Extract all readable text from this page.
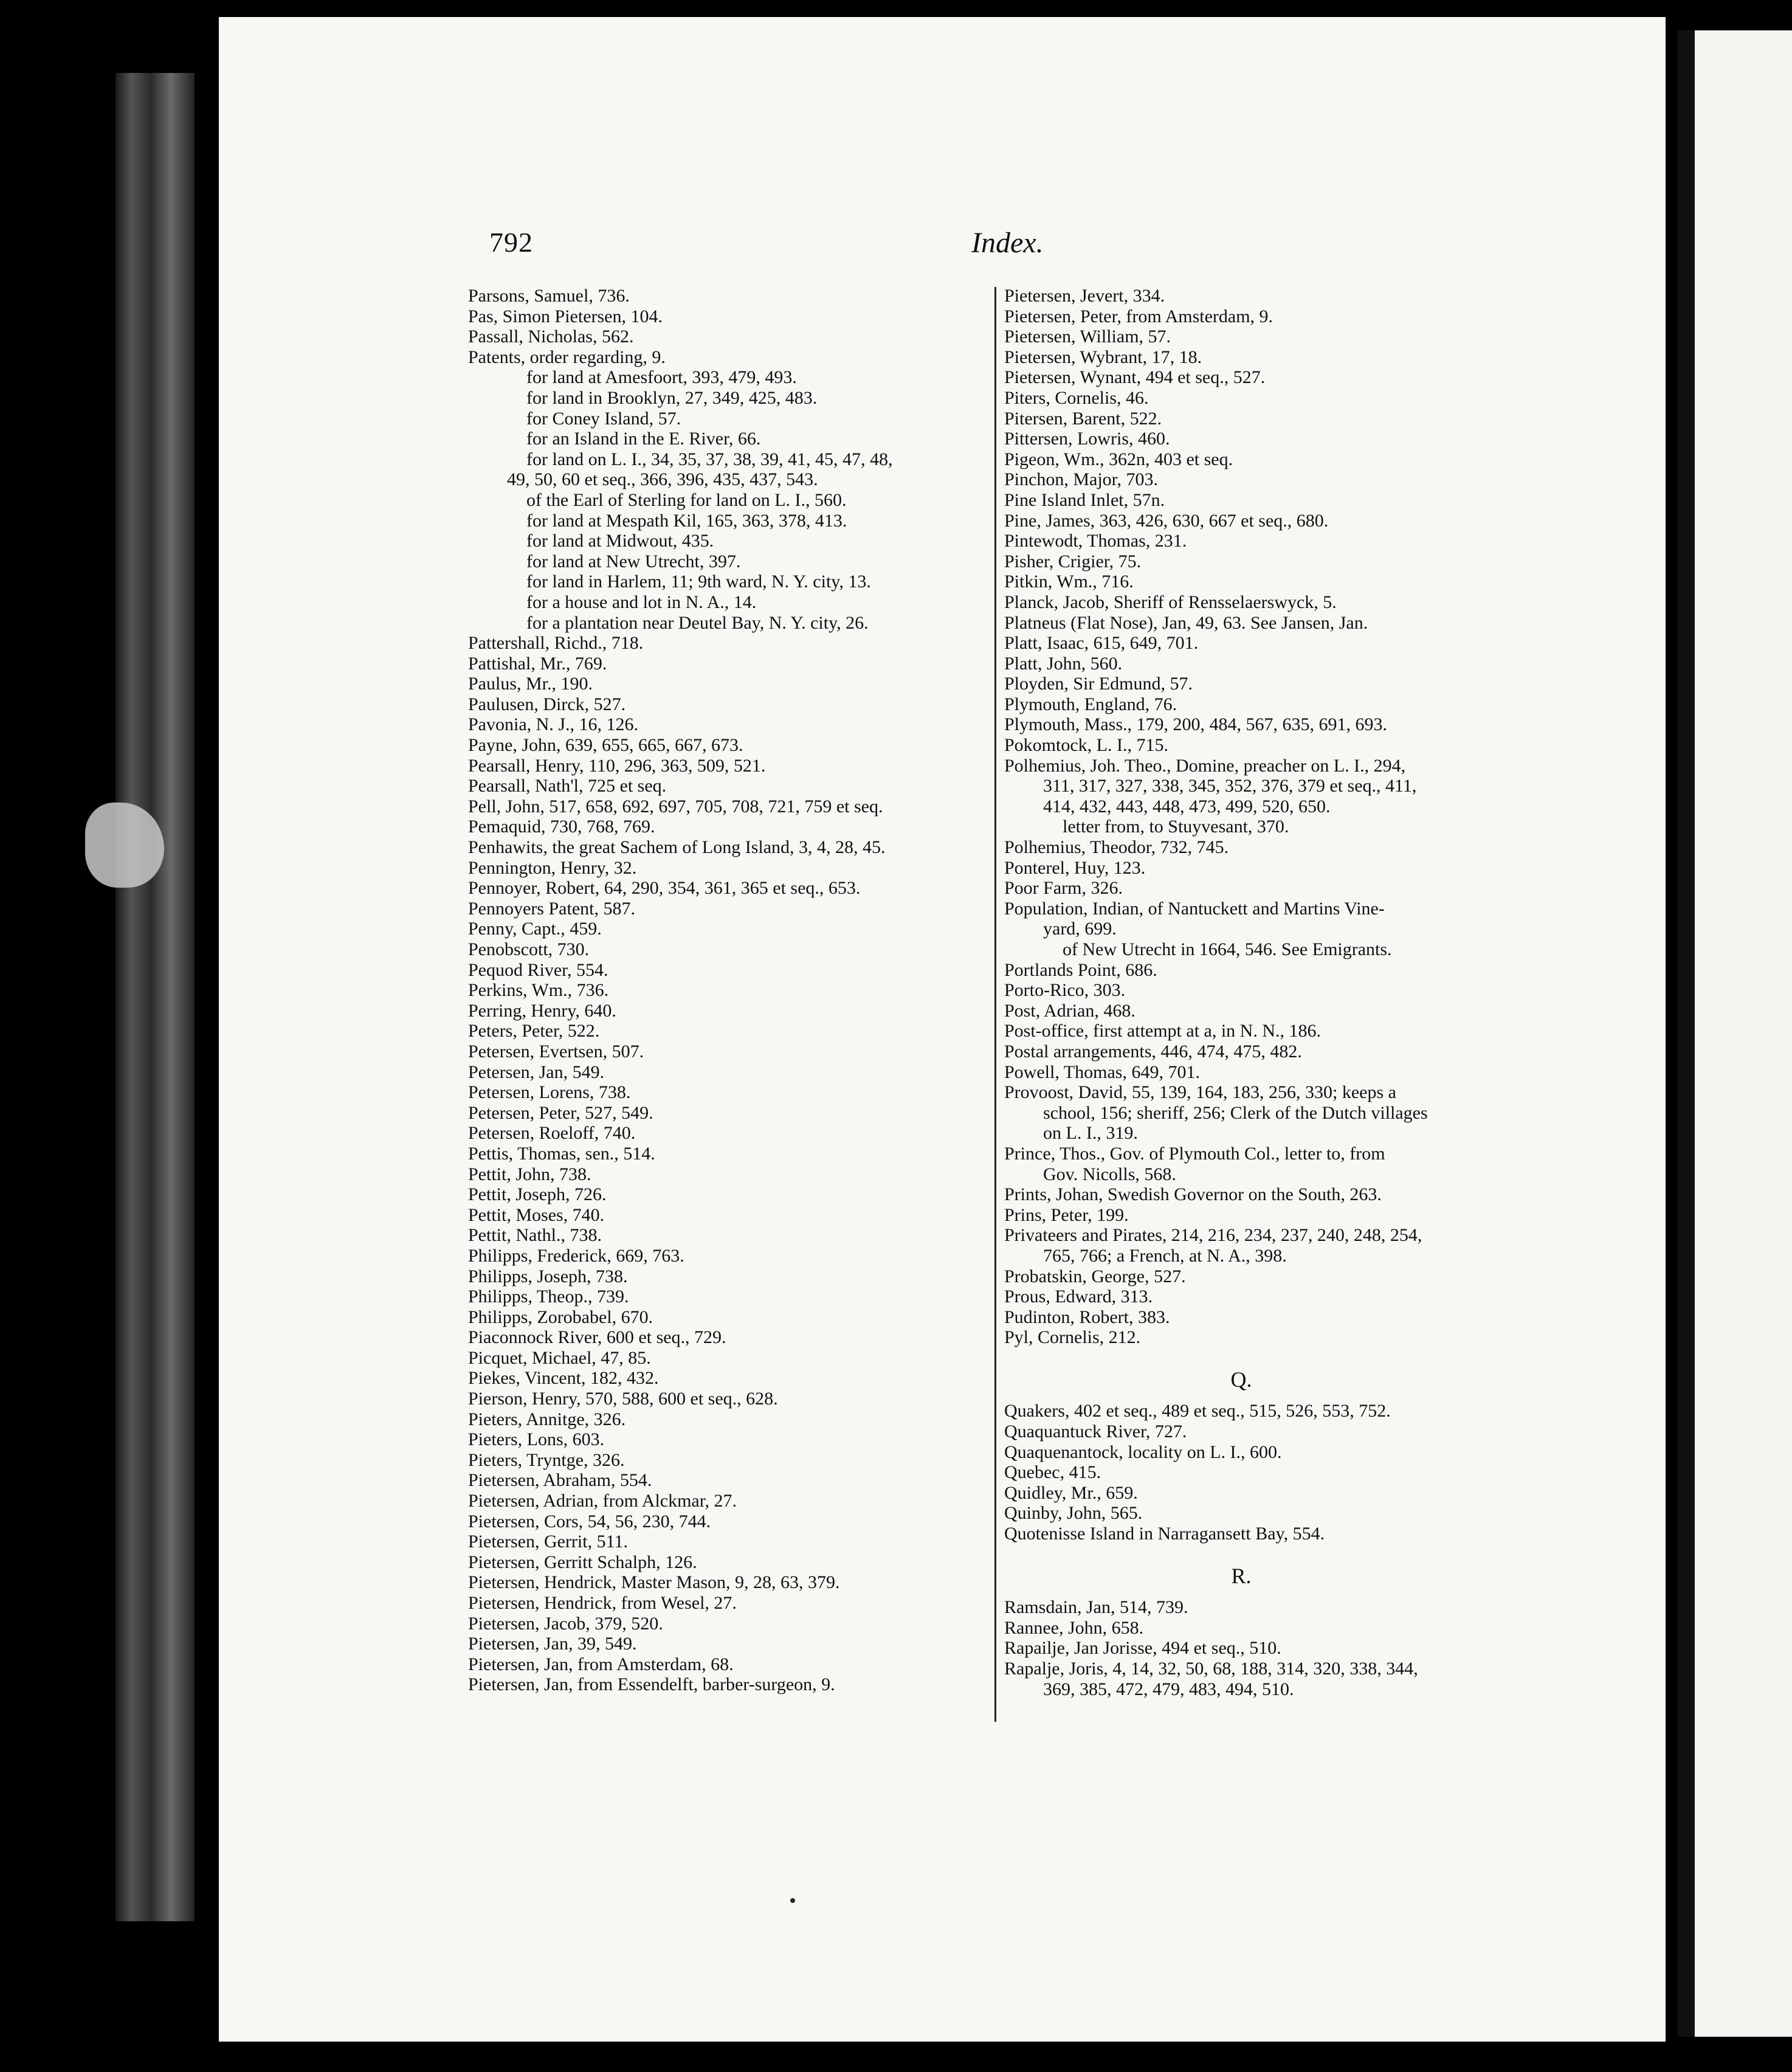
792	Index.
Parsons, Samuel, 736.
Pas, Simon Pietersen, 104.
Passall, Nicholas, 562.
Patents, order regarding, 9.
for land at Amesfoort, 393, 479, 493.
for land in Brooklyn, 27, 349, 425, 483.
for Coney Island, 57.
for an Island in the E. River, 66.
for land on L. I., 34, 35, 37, 38, 39, 41, 45, 47, 48,
49, 50, 60 et seq., 366, 396, 435, 437, 543.
of the Earl of Sterling for land on L. I., 560.
for land at Mespath Kil, 165, 363, 378, 413.
for land at Midwout, 435.
for land at New Utrecht, 397.
for land in Harlem, 11; 9th ward, N. Y. city, 13.
for a house and lot in N. A., 14.
for a plantation near Deutel Bay, N. Y. city, 26.
Pattershall, Richd., 718.
Pattishal, Mr., 769.
Paulus, Mr., 190.
Paulusen, Dirck, 527.
Pavonia, N. J., 16, 126.
Payne, John, 639, 655, 665, 667, 673.
Pearsall, Henry, 110, 296, 363, 509, 521.
Pearsall, Nath'l, 725 et seq.
Pell, John, 517, 658, 692, 697, 705, 708, 721, 759 et seq.
Pemaquid, 730, 768, 769.
Penhawits, the great Sachem of Long Island, 3, 4, 28, 45.
Pennington, Henry, 32.
Pennoyer, Robert, 64, 290, 354, 361, 365 et seq., 653.
Pennoyers Patent, 587.
Penny, Capt., 459.
Penobscott, 730.
Pequod River, 554.
Perkins, Wm., 736.
Perring, Henry, 640.
Peters, Peter, 522.
Petersen, Evertsen, 507.
Petersen, Jan, 549.
Petersen, Lorens, 738.
Petersen, Peter, 527, 549.
Petersen, Roeloff, 740.
Pettis, Thomas, sen., 514.
Pettit, John, 738.
Pettit, Joseph, 726.
Pettit, Moses, 740.
Pettit, Nathl., 738.
Philipps, Frederick, 669, 763.
Philipps, Joseph, 738.
Philipps, Theop., 739.
Philipps, Zorobabel, 670.
Piaconnock River, 600 et seq., 729.
Picquet, Michael, 47, 85.
Piekes, Vincent, 182, 432.
Pierson, Henry, 570, 588, 600 et seq., 628.
Pieters, Annitge, 326.
Pieters, Lons, 603.
Pieters, Tryntge, 326.
Pietersen, Abraham, 554.
Pietersen, Adrian, from Alckmar, 27.
Pietersen, Cors, 54, 56, 230, 744.
Pietersen, Gerrit, 511.
Pietersen, Gerritt Schalph, 126.
Pietersen, Hendrick, Master Mason, 9, 28, 63, 379.
Pietersen, Hendrick, from Wesel, 27.
Pietersen, Jacob, 379, 520.
Pietersen, Jan, 39, 549.
Pietersen, Jan, from Amsterdam, 68.
Pietersen, Jan, from Essendelft, barber-surgeon, 9.
Pietersen, Jevert, 334.
Pietersen, Peter, from Amsterdam, 9.
Pietersen, William, 57.
Pietersen, Wybrant, 17, 18.
Pietersen, Wynant, 494 et seq., 527.
Piters, Cornelis, 46.
Pitersen, Barent, 522.
Pittersen, Lowris, 460.
Pigeon, Wm., 362n, 403 et seq.
Pinchon, Major, 703.
Pine Island Inlet, 57n.
Pine, James, 363, 426, 630, 667 et seq., 680.
Pintewodt, Thomas, 231.
Pisher, Crigier, 75.
Pitkin, Wm., 716.
Planck, Jacob, Sheriff of Rensselaerswyck, 5.
Platneus (Flat Nose), Jan, 49, 63. See Jansen, Jan.
Platt, Isaac, 615, 649, 701.
Platt, John, 560.
Ployden, Sir Edmund, 57.
Plymouth, England, 76.
Plymouth, Mass., 179, 200, 484, 567, 635, 691, 693.
Pokomtock, L. I., 715.
Polhemius, Joh. Theo., Domine, preacher on L. I., 294,
311, 317, 327, 338, 345, 352, 376, 379 et seq., 411,
414, 432, 443, 448, 473, 499, 520, 650.
letter from, to Stuyvesant, 370.
Polhemius, Theodor, 732, 745.
Ponterel, Huy, 123.
Poor Farm, 326.
Population, Indian, of Nantuckett and Martins Vine-
yard, 699.
of New Utrecht in 1664, 546. See Emigrants.
Portlands Point, 686.
Porto-Rico, 303.
Post, Adrian, 468.
Post-office, first attempt at a, in N. N., 186.
Postal arrangements, 446, 474, 475, 482.
Powell, Thomas, 649, 701.
Provoost, David, 55, 139, 164, 183, 256, 330; keeps a
school, 156; sheriff, 256; Clerk of the Dutch villages
on L. I., 319.
Prince, Thos., Gov. of Plymouth Col., letter to, from
Gov. Nicolls, 568.
Prints, Johan, Swedish Governor on the South, 263.
Prins, Peter, 199.
Privateers and Pirates, 214, 216, 234, 237, 240, 248, 254,
765, 766; a French, at N. A., 398.
Probatskin, George, 527.
Prous, Edward, 313.
Pudinton, Robert, 383.
Pyl, Cornelis, 212.
Q.
Quakers, 402 et seq., 489 et seq., 515, 526, 553, 752.
Quaquantuck River, 727.
Quaquenantock, locality on L. I., 600.
Quebec, 415.
Quidley, Mr., 659.
Quinby, John, 565.
Quotenisse Island in Narragansett Bay, 554.
R.
Ramsdain, Jan, 514, 739.
Rannee, John, 658.
Rapailje, Jan Jorisse, 494 et seq., 510.
Rapalje, Joris, 4, 14, 32, 50, 68, 188, 314, 320, 338, 344,
369, 385, 472, 479, 483, 494, 510.
